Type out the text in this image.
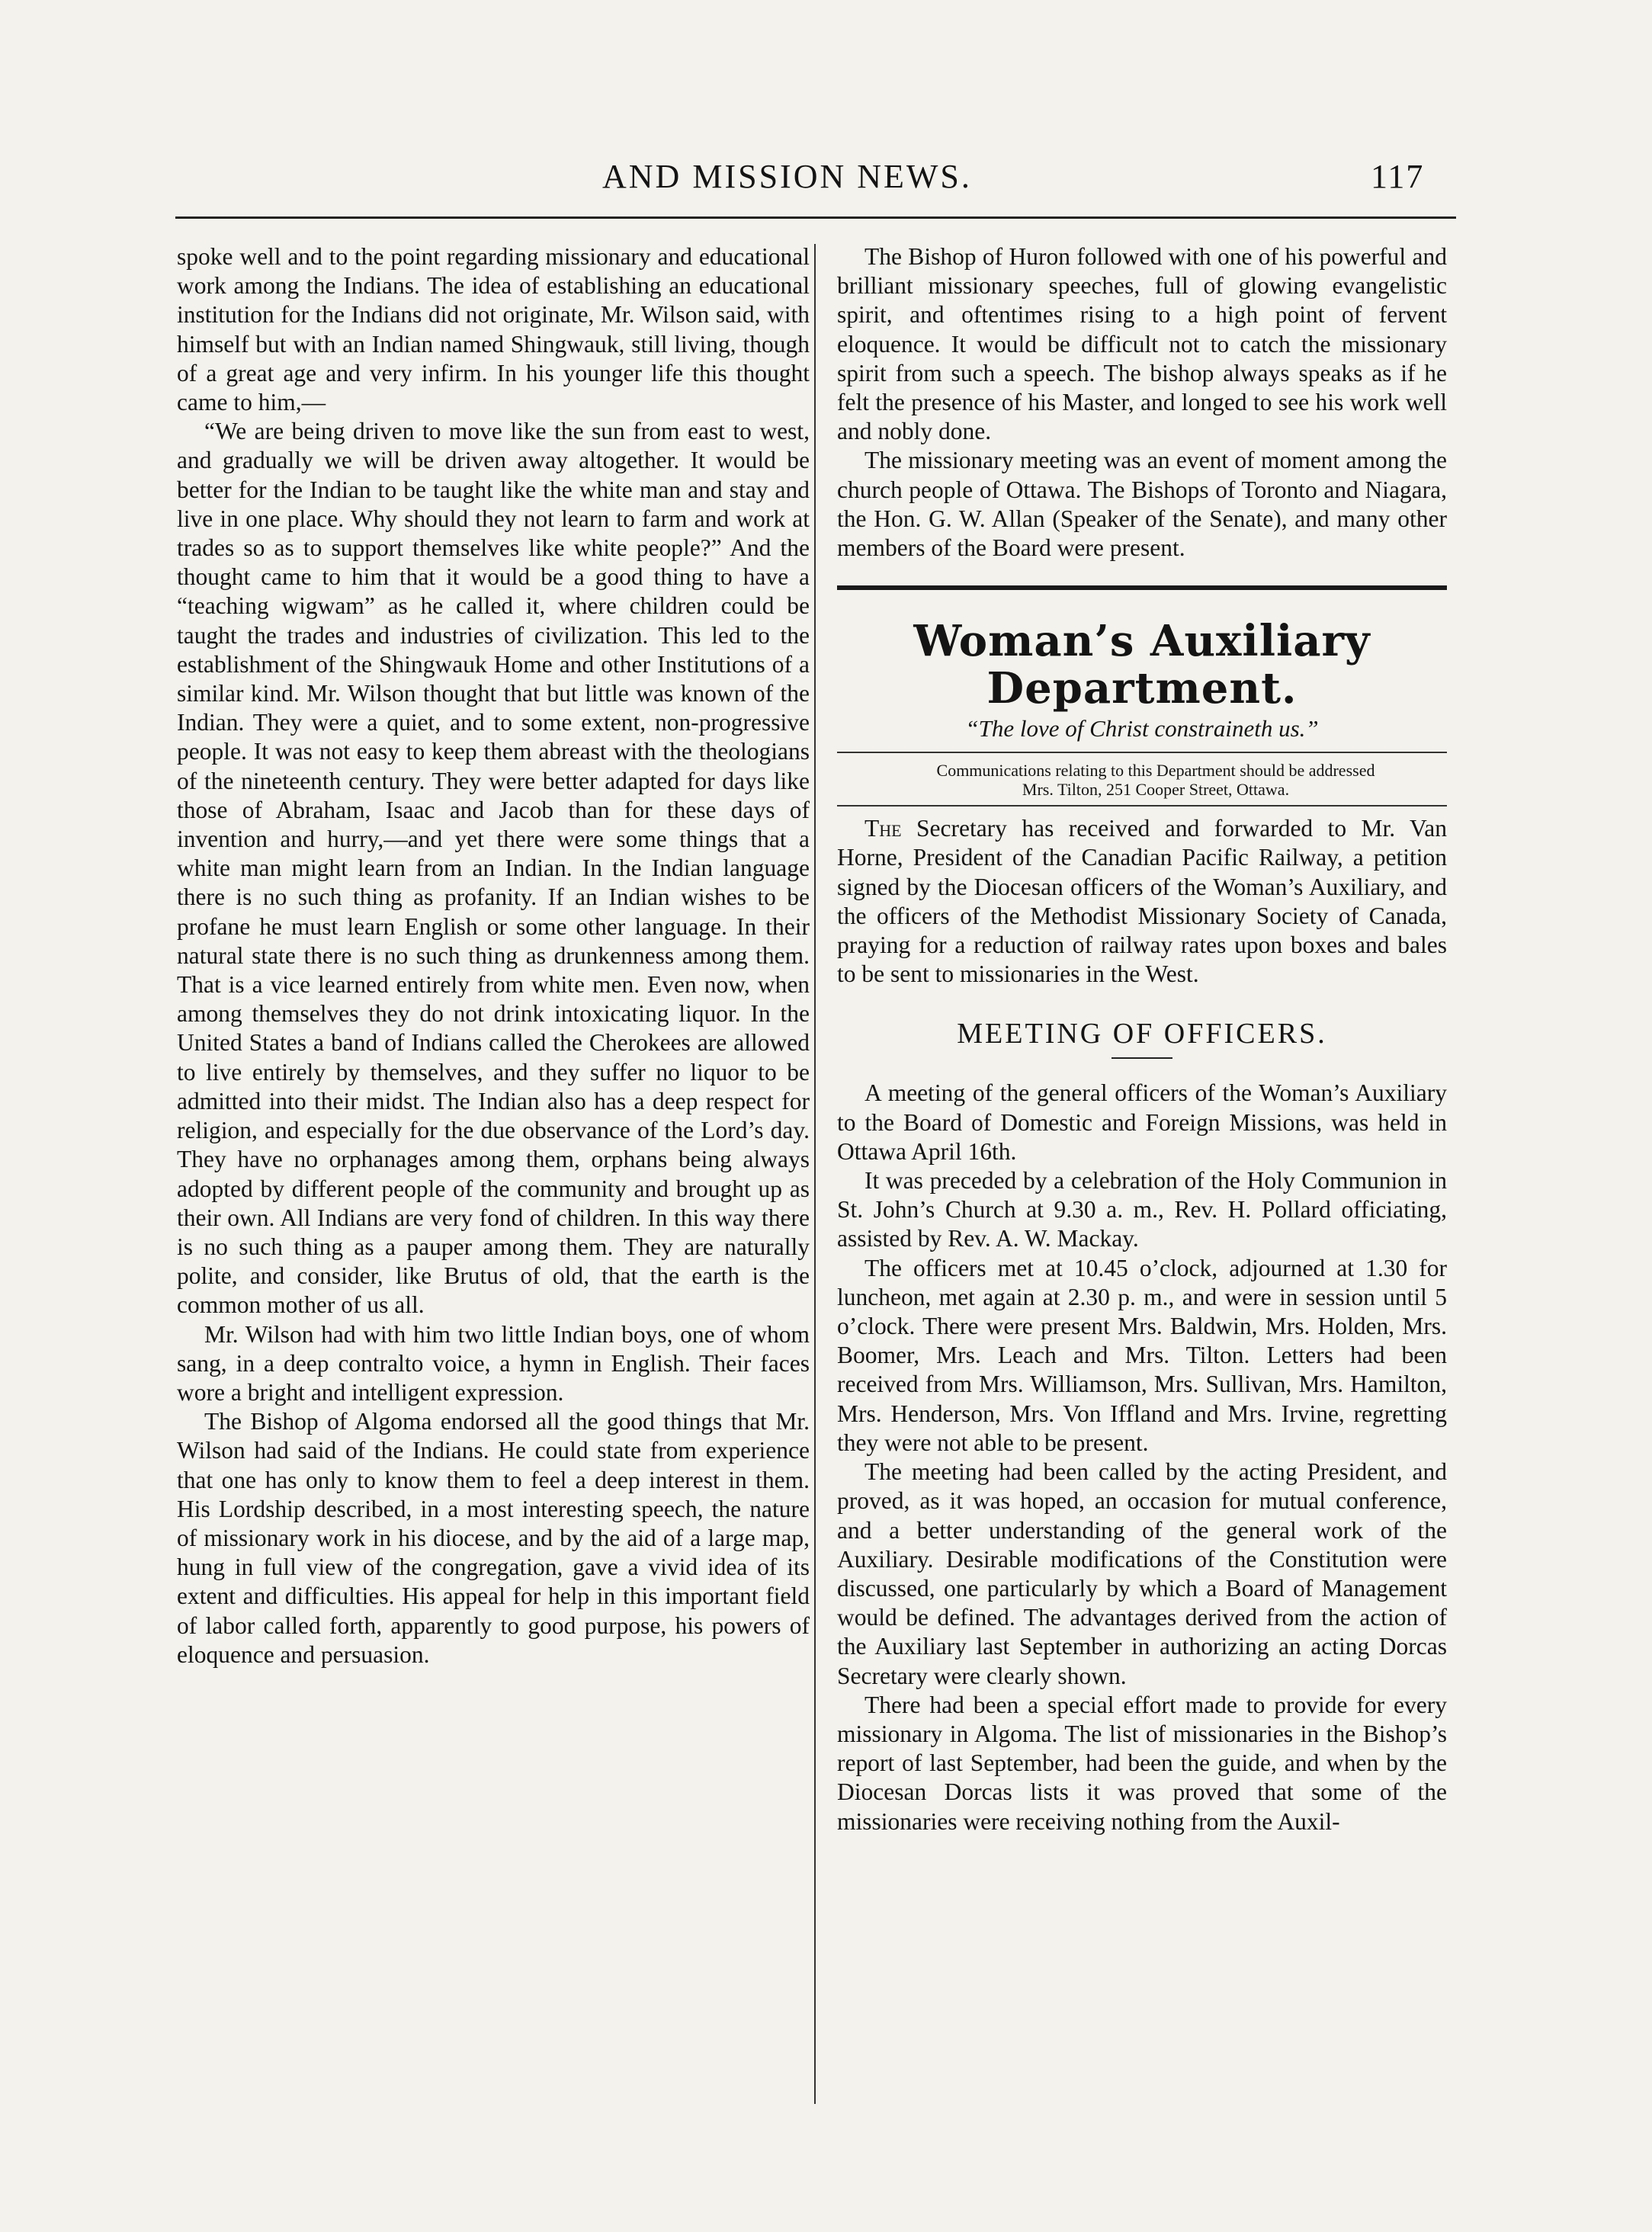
AND MISSION NEWS.	117

spoke well and to the point regarding missionary and educational work among the Indians. The idea of establishing an educational institution for the Indians did not originate, Mr. Wilson said, with himself but with an Indian named Shingwauk, still living, though of a great age and very infirm. In his younger life this thought came to him,—

“We are being driven to move like the sun from east to west, and gradually we will be driven away altogether. It would be better for the Indian to be taught like the white man and stay and live in one place. Why should they not learn to farm and work at trades so as to support themselves like white people?” And the thought came to him that it would be a good thing to have a “teaching wigwam” as he called it, where children could be taught the trades and industries of civilization. This led to the establishment of the Shingwauk Home and other Institutions of a similar kind. Mr. Wilson thought that but little was known of the Indian. They were a quiet, and to some extent, non-progressive people. It was not easy to keep them abreast with the theologians of the nineteenth century. They were better adapted for days like those of Abraham, Isaac and Jacob than for these days of invention and hurry,—and yet there were some things that a white man might learn from an Indian. In the Indian language there is no such thing as profanity. If an Indian wishes to be profane he must learn English or some other language. In their natural state there is no such thing as drunkenness among them. That is a vice learned entirely from white men. Even now, when among themselves they do not drink intoxicating liquor. In the United States a band of Indians called the Cherokees are allowed to live entirely by themselves, and they suffer no liquor to be admitted into their midst. The Indian also has a deep respect for religion, and especially for the due observance of the Lord’s day. They have no orphanages among them, orphans being always adopted by different people of the community and brought up as their own. All Indians are very fond of children. In this way there is no such thing as a pauper among them. They are naturally polite, and consider, like Brutus of old, that the earth is the common mother of us all.

Mr. Wilson had with him two little Indian boys, one of whom sang, in a deep contralto voice, a hymn in English. Their faces wore a bright and intelligent expression.

The Bishop of Algoma endorsed all the good things that Mr. Wilson had said of the Indians. He could state from experience that one has only to know them to feel a deep interest in them. His Lordship described, in a most interesting speech, the nature of missionary work in his diocese, and by the aid of a large map, hung in full view of the congregation, gave a vivid idea of its extent and difficulties. His appeal for help in this important field of labor called forth, apparently to good purpose, his powers of eloquence and persuasion.

The Bishop of Huron followed with one of his powerful and brilliant missionary speeches, full of glowing evangelistic spirit, and oftentimes rising to a high point of fervent eloquence. It would be difficult not to catch the missionary spirit from such a speech. The bishop always speaks as if he felt the presence of his Master, and longed to see his work well and nobly done.

The missionary meeting was an event of moment among the church people of Ottawa. The Bishops of Toronto and Niagara, the Hon. G. W. Allan (Speaker of the Senate), and many other members of the Board were present.

Woman’s Auxiliary Department.
“The love of Christ constraineth us.”

Communications relating to this Department should be addressed

Mrs. Tilton, 251 Cooper Street, Ottawa.

The Secretary has received and forwarded to Mr. Van Horne, President of the Canadian Pacific Railway, a petition signed by the Diocesan officers of the Woman’s Auxiliary, and the officers of the Methodist Missionary Society of Canada, praying for a reduction of railway rates upon boxes and bales to be sent to missionaries in the West.

MEETING OF OFFICERS.

A meeting of the general officers of the Woman’s Auxiliary to the Board of Domestic and Foreign Missions, was held in Ottawa April 16th.

It was preceded by a celebration of the Holy Communion in St. John’s Church at 9.30 a. m., Rev. H. Pollard officiating, assisted by Rev. A. W. Mackay.

The officers met at 10.45 o’clock, adjourned at 1.30 for luncheon, met again at 2.30 p. m., and were in session until 5 o’clock. There were present Mrs. Baldwin, Mrs. Holden, Mrs. Boomer, Mrs. Leach and Mrs. Tilton. Letters had been received from Mrs. Williamson, Mrs. Sullivan, Mrs. Hamilton, Mrs. Henderson, Mrs. Von Iffland and Mrs. Irvine, regretting they were not able to be present.

The meeting had been called by the acting President, and proved, as it was hoped, an occasion for mutual conference, and a better understanding of the general work of the Auxiliary. Desirable modifications of the Constitution were discussed, one particularly by which a Board of Management would be defined. The advantages derived from the action of the Auxiliary last September in authorizing an acting Dorcas Secretary were clearly shown.

There had been a special effort made to provide for every missionary in Algoma. The list of missionaries in the Bishop’s report of last September, had been the guide, and when by the Diocesan Dorcas lists it was proved that some of the missionaries were receiving nothing from the Auxil-
